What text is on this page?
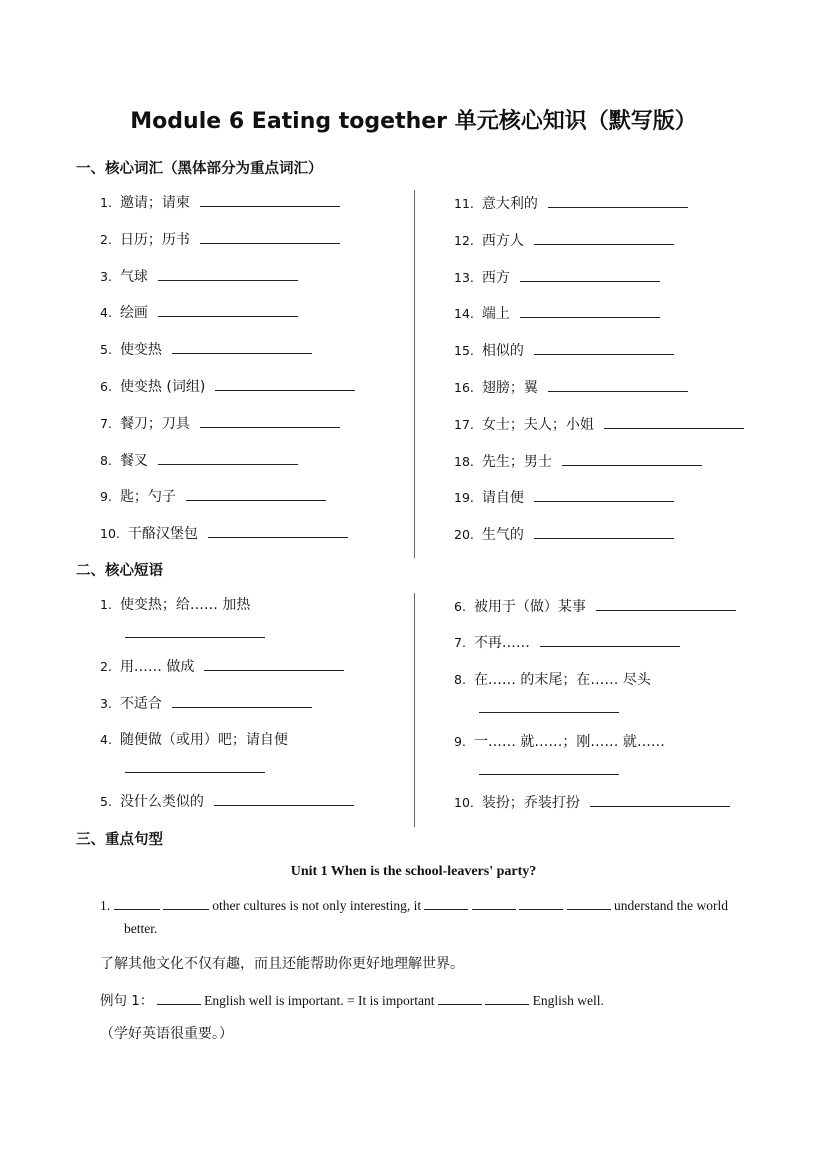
Module 6 Eating together 单元核心知识（默写版）
一、核心词汇（黑体部分为重点词汇）
二、核心短语
三、重点句型
Unit 1 When is the school-leavers' party?
1.	other cultures is not only interesting, it	understand the world
better.
了解其他文化不仅有趣，而且还能帮助你更好地理解世界。
例句 1：	English well is important. = It is important	English well.
（学好英语很重要。）
1. 邀请；请柬
2. 日历；历书
3. 气球
4. 绘画
5. 使变热
6. 使变热 (词组)
7. 餐刀；刀具
8. 餐叉
9. 匙；勺子
10. 干酪汉堡包
11. 意大利的
12. 西方人
13. 西方
14. 端上
15. 相似的
16. 翅膀；翼
17. 女士；夫人；小姐
18. 先生；男士
19. 请自便
20. 生气的
1. 使变热；给…… 加热
2. 用…… 做成
3. 不适合
4. 随便做（或用）吧；请自便
5. 没什么类似的
6. 被用于（做）某事
7. 不再……
8. 在…… 的末尾；在…… 尽头
9. 一…… 就……；刚…… 就……
10. 装扮；乔装打扮
